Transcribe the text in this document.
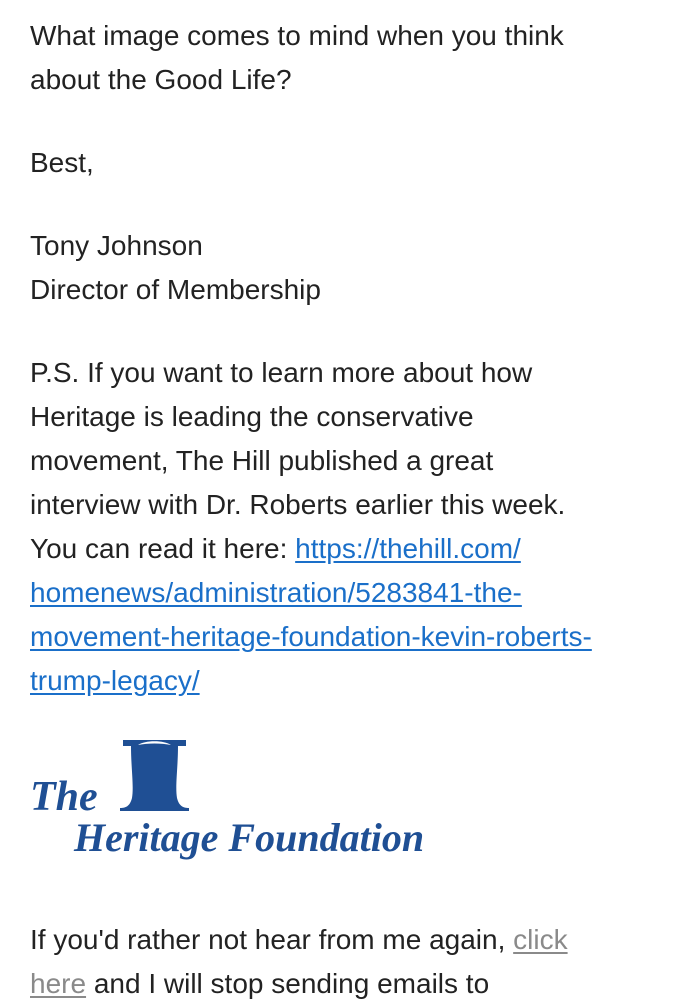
What image comes to mind when you think
about the Good Life?

Best,

Tony Johnson
Director of Membership

P.S. If you want to learn more about how
Heritage is leading the conservative
movement, The Hill published a great
interview with Dr. Roberts earlier this week.
You can read it here: https://thehill.com/
homenews/administration/5283841-the-
movement-heritage-foundation-kevin-roberts-
trump-legacy/

The
Heritage Foundation
If you'd rather not hear from me again, click
here and I will stop sending emails to
